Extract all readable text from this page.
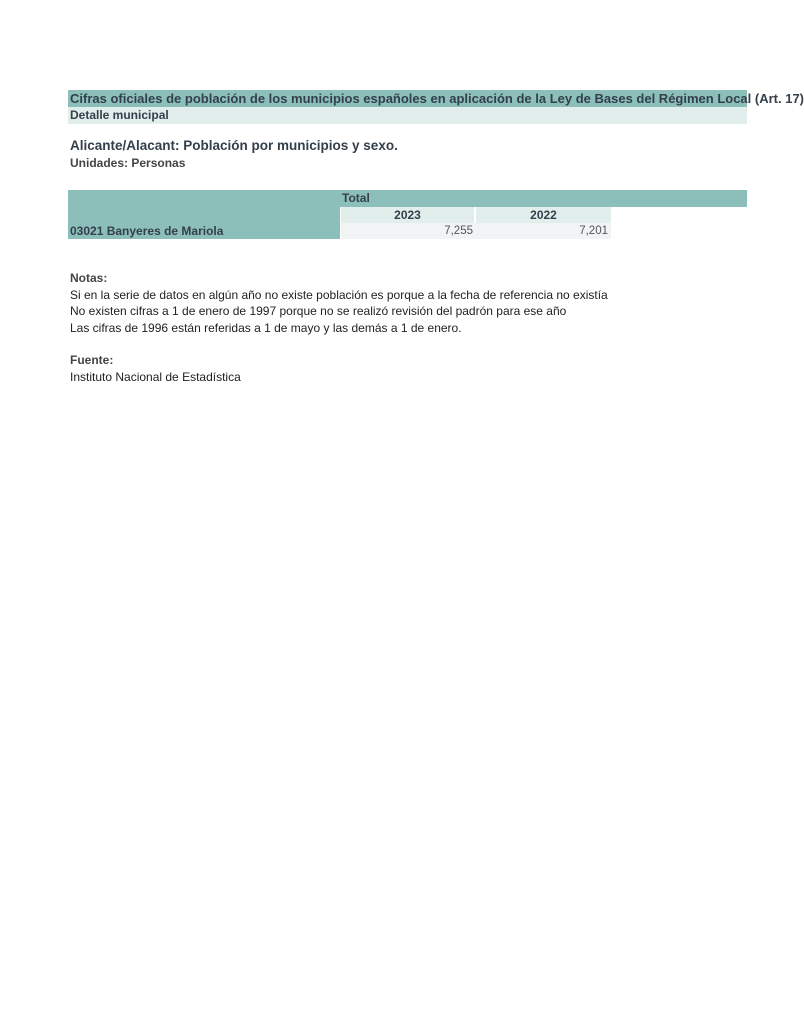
Cifras oficiales de población de los municipios españoles en aplicación de la Ley de Bases del Régimen Local (Art. 17)
Detalle municipal
Alicante/Alacant: Población por municipios y sexo.
Unidades: Personas
Total
2023	2022
03021 Banyeres de Mariola	7,255	7,201
Notas:
Si en la serie de datos en algún año no existe población es porque a la fecha de referencia no existía
No existen cifras a 1 de enero de 1997 porque no se realizó revisión del padrón para ese año
Las cifras de 1996 están referidas a 1 de mayo y las demás a 1 de enero.
Fuente:
Instituto Nacional de Estadística
